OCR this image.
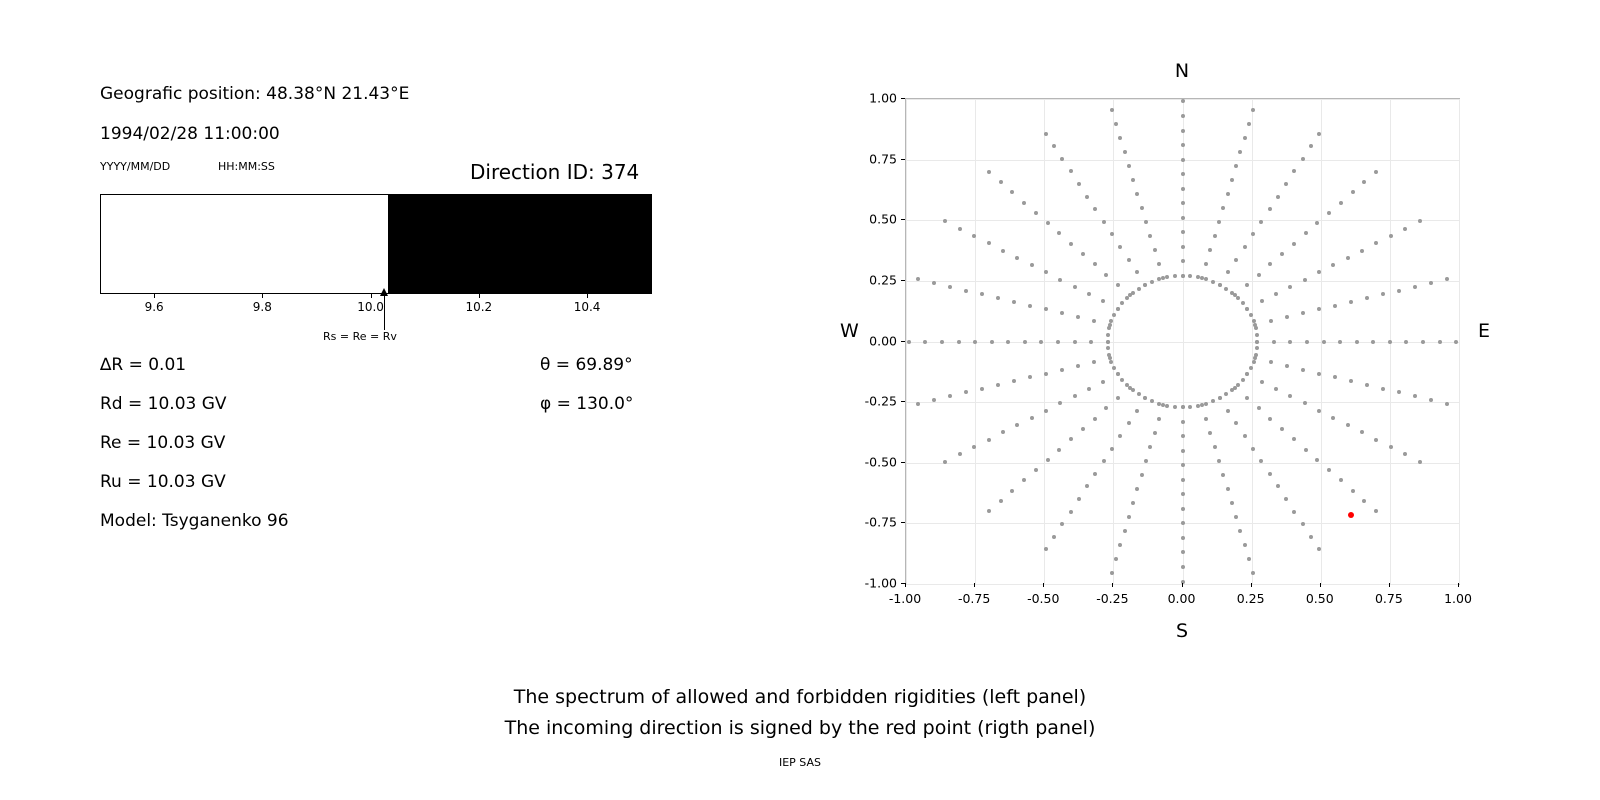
Geografic position: 48.38°N 21.43°E
1994/02/28 11:00:00
YYYY/MM/DD	HH:MM:SS	Direction ID: 374
9.6	9.8	10.0	10.2	10.4
Rs = Re = Rv
∆R = 0.01
Rd = 10.03 GV
Re = 10.03 GV
Ru = 10.03 GV
Model: Tsyganenko 96
θ = 69.89°
φ = 130.0°
N
S
W	E
-1.00	-0.75	-0.50	-0.25	0.00	0.25	0.50	0.75	1.00
-1.00
-0.75
-0.50
-0.25
0.00
0.25
0.50
0.75
1.00
The spectrum of allowed and forbidden rigidities (left panel)
The incoming direction is signed by the red point (rigth panel)
IEP SAS
